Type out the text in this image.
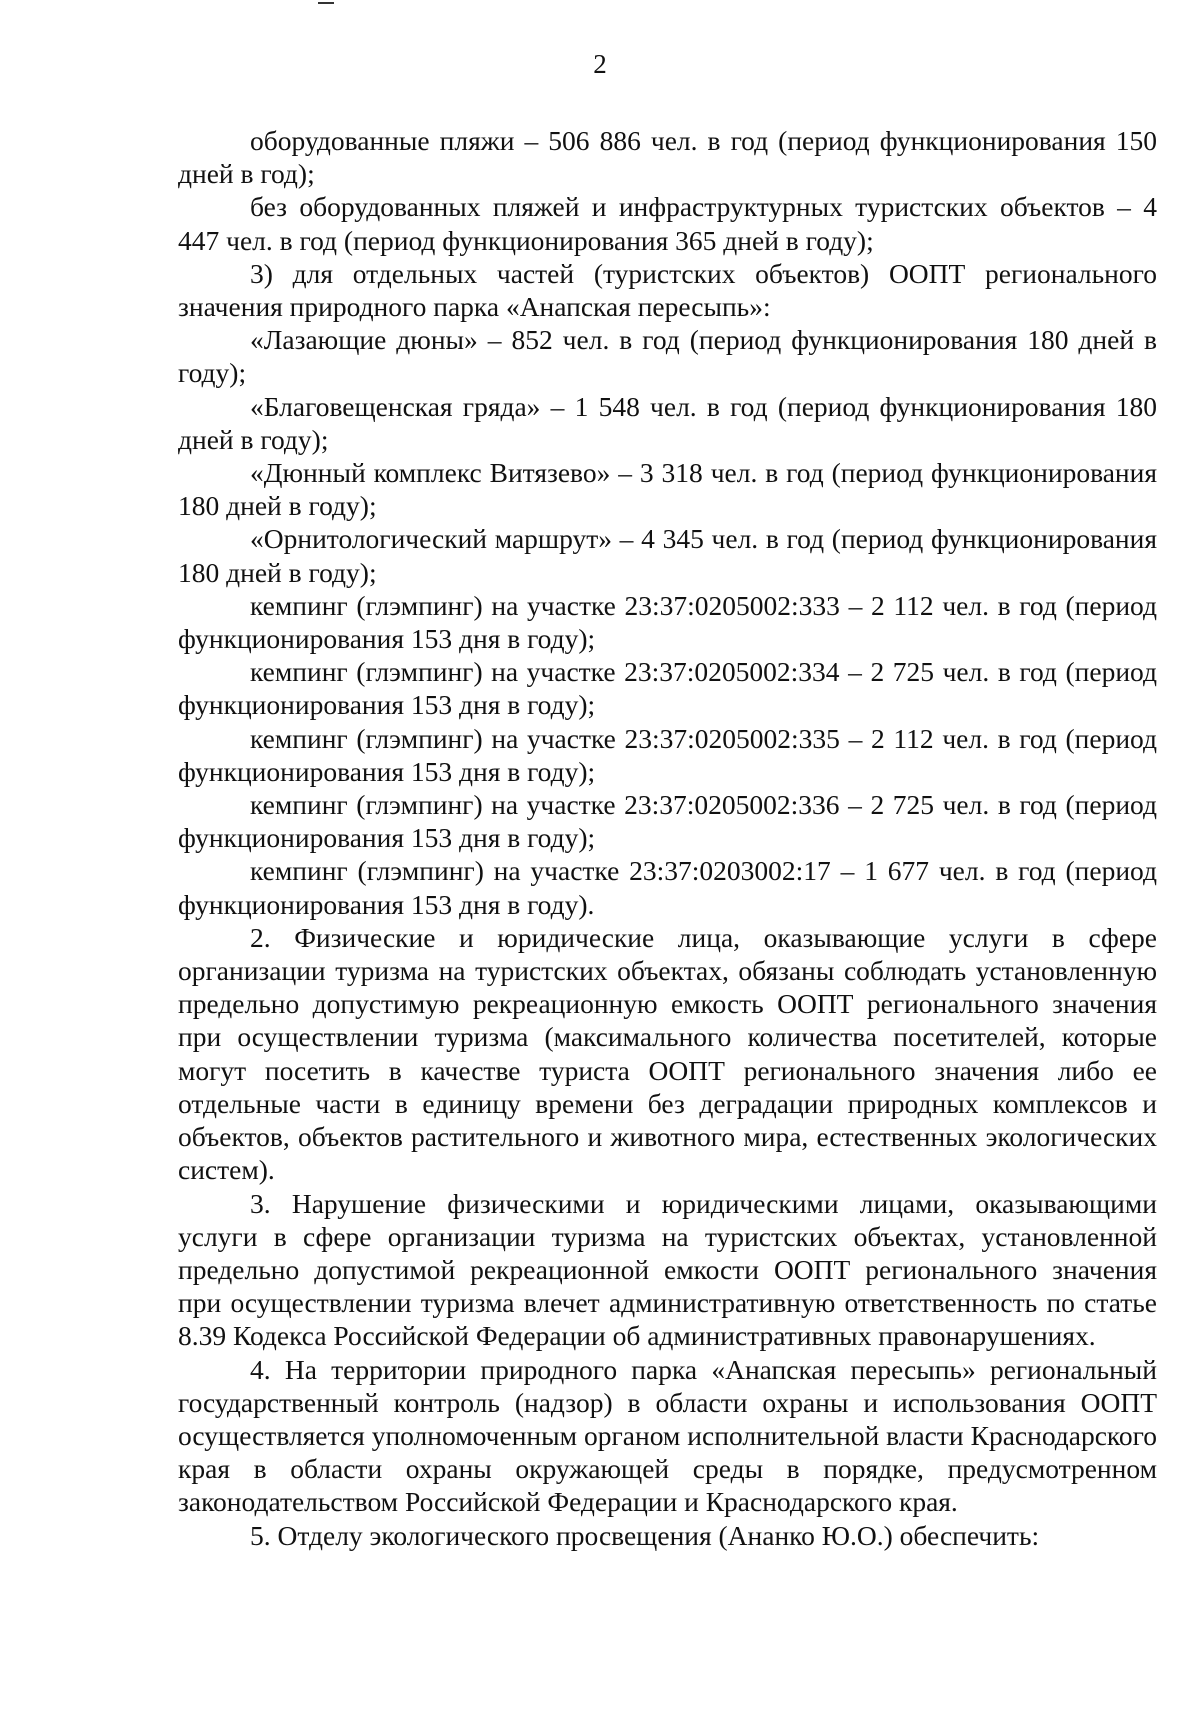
2

оборудованные пляжи – 506 886 чел. в год (период функционирования 150 дней в год);

без оборудованных пляжей и инфраструктурных туристских объектов – 4 447 чел. в год (период функционирования 365 дней в году);

3) для отдельных частей (туристских объектов) ООПТ регионального значения природного парка «Анапская пересыпь»:

«Лазающие дюны» – 852 чел. в год (период функционирования 180 дней в году);

«Благовещенская гряда» – 1 548 чел. в год (период функционирования 180 дней в году);

«Дюнный комплекс Витязево» – 3 318 чел. в год (период функционирования 180 дней в году);

«Орнитологический маршрут» – 4 345 чел. в год (период функционирования 180 дней в году);

кемпинг (глэмпинг) на участке 23:37:0205002:333 – 2 112 чел. в год (период функционирования 153 дня в году);

кемпинг (глэмпинг) на участке 23:37:0205002:334 – 2 725 чел. в год (период функционирования 153 дня в году);

кемпинг (глэмпинг) на участке 23:37:0205002:335 – 2 112 чел. в год (период функционирования 153 дня в году);

кемпинг (глэмпинг) на участке 23:37:0205002:336 – 2 725 чел. в год (период функционирования 153 дня в году);

кемпинг (глэмпинг) на участке 23:37:0203002:17 – 1 677 чел. в год (период функционирования 153 дня в году).

2. Физические и юридические лица, оказывающие услуги в сфере организации туризма на туристских объектах, обязаны соблюдать установленную предельно допустимую рекреационную емкость ООПТ регионального значения при осуществлении туризма (максимального количества посетителей, которые могут посетить в качестве туриста ООПТ регионального значения либо ее отдельные части в единицу времени без деградации природных комплексов и объектов, объектов растительного и животного мира, естественных экологических систем).

3. Нарушение физическими и юридическими лицами, оказывающими услуги в сфере организации туризма на туристских объектах, установленной предельно допустимой рекреационной емкости ООПТ регионального значения при осуществлении туризма влечет административную ответственность по статье 8.39 Кодекса Российской Федерации об административных правонарушениях.

4. На территории природного парка «Анапская пересыпь» региональный государственный контроль (надзор) в области охраны и использования ООПТ осуществляется уполномоченным органом исполнительной власти Краснодарского края в области охраны окружающей среды в порядке, предусмотренном законодательством Российской Федерации и Краснодарского края.

5. Отделу экологического просвещения (Ананко Ю.О.) обеспечить:
